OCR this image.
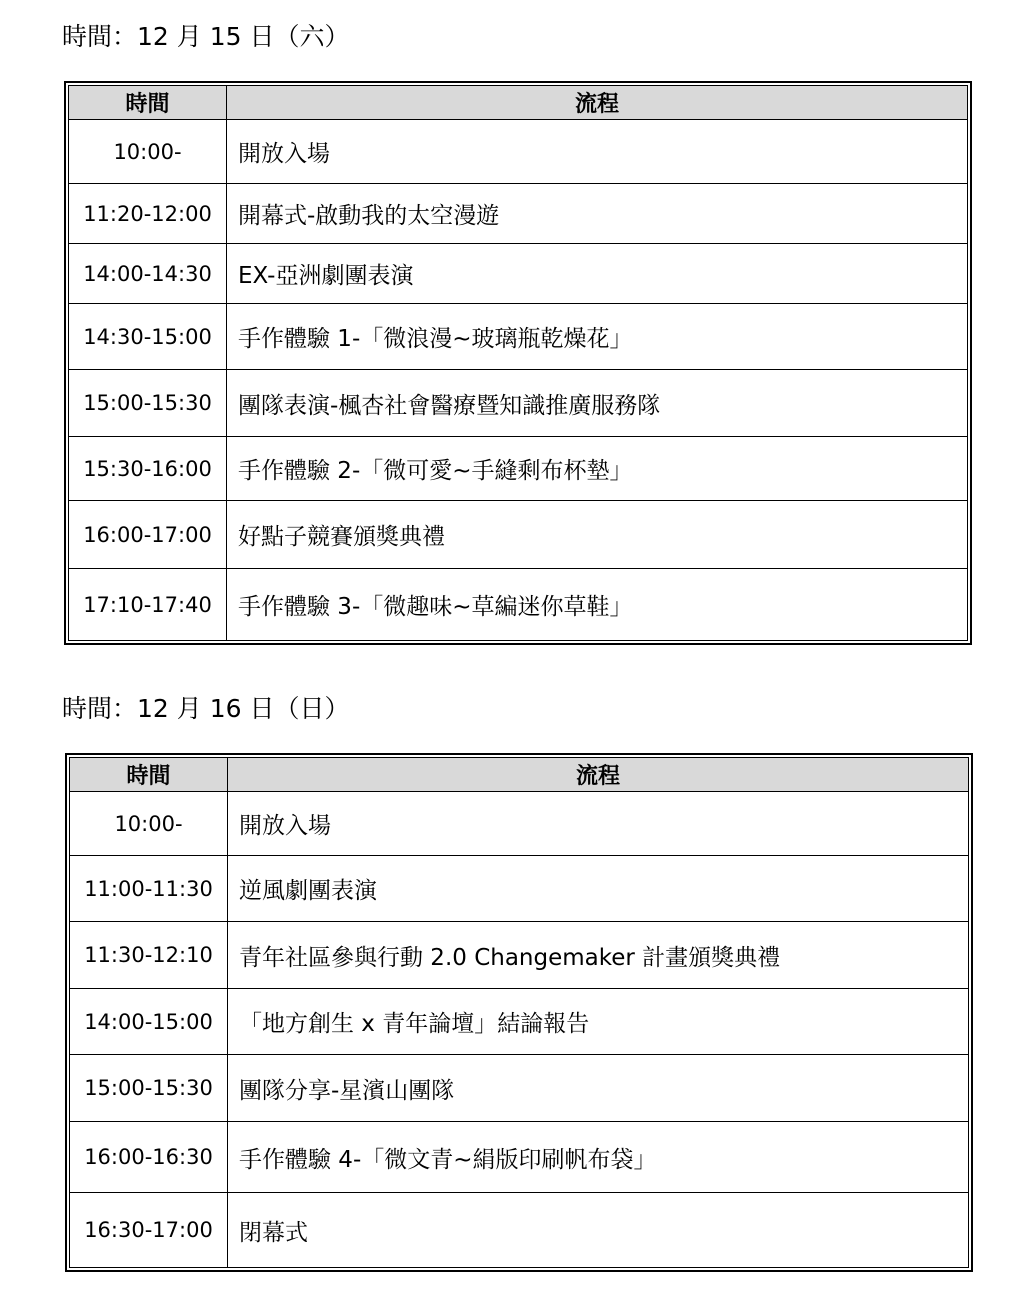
時間：12 月 15 日（六）
時間	流程
10:00-	開放入場
11:20-12:00	開幕式-啟動我的太空漫遊
14:00-14:30	EX-亞洲劇團表演
14:30-15:00	手作體驗 1-「微浪漫~玻璃瓶乾燥花」
15:00-15:30	團隊表演-楓杏社會醫療暨知識推廣服務隊
15:30-16:00	手作體驗 2-「微可愛~手縫剩布杯墊」
16:00-17:00	好點子競賽頒獎典禮
17:10-17:40	手作體驗 3-「微趣味~草編迷你草鞋」
時間：12 月 16 日（日）
時間	流程
10:00-	開放入場
11:00-11:30	逆風劇團表演
11:30-12:10	青年社區參與行動 2.0 Changemaker 計畫頒獎典禮
14:00-15:00	「地方創生 x 青年論壇」結論報告
15:00-15:30	團隊分享-星濱山團隊
16:00-16:30	手作體驗 4-「微文青~絹版印刷帆布袋」
16:30-17:00	閉幕式
